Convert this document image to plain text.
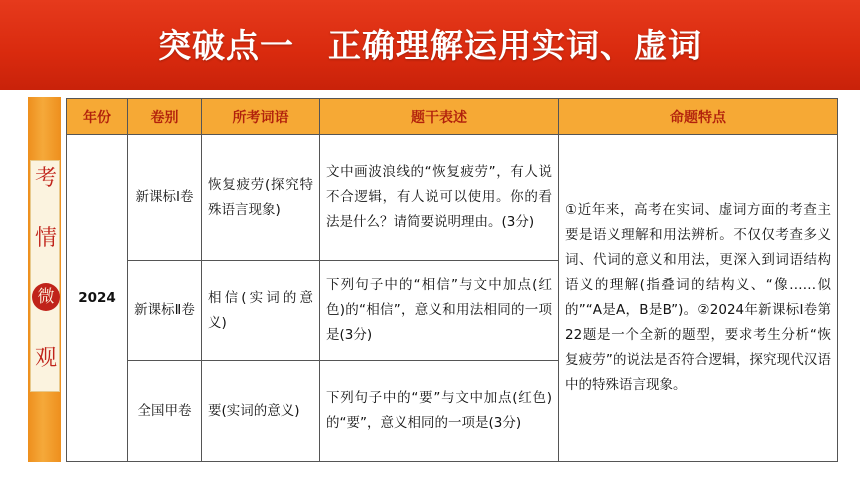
突破点一　正确理解运用实词、虚词
考
情
微
观
年份	卷别	所考词语	题干表述	命题特点
2024	新课标Ⅰ卷	恢复疲劳(探究特殊语言现象)	文中画波浪线的“恢复疲劳”，有人说不合逻辑，有人说可以使用。你的看法是什么？请简要说明理由。(3分)	①近年来，高考在实词、虚词方面的考查主要是语义理解和用法辨析。不仅仅考查多义词、代词的意义和用法，更深入到词语结构语义的理解(指叠词的结构义、“像……似的”“A是A，B是B”)。②2024年新课标Ⅰ卷第22题是一个全新的题型，要求考生分析“恢复疲劳”的说法是否符合逻辑，探究现代汉语中的特殊语言现象。
	新课标Ⅱ卷	相信(实词的意义)	下列句子中的“相信”与文中加点(红色)的“相信”，意义和用法相同的一项是(3分)	
	全国甲卷	要(实词的意义)	下列句子中的“要”与文中加点(红色)的“要”，意义相同的一项是(3分)	
